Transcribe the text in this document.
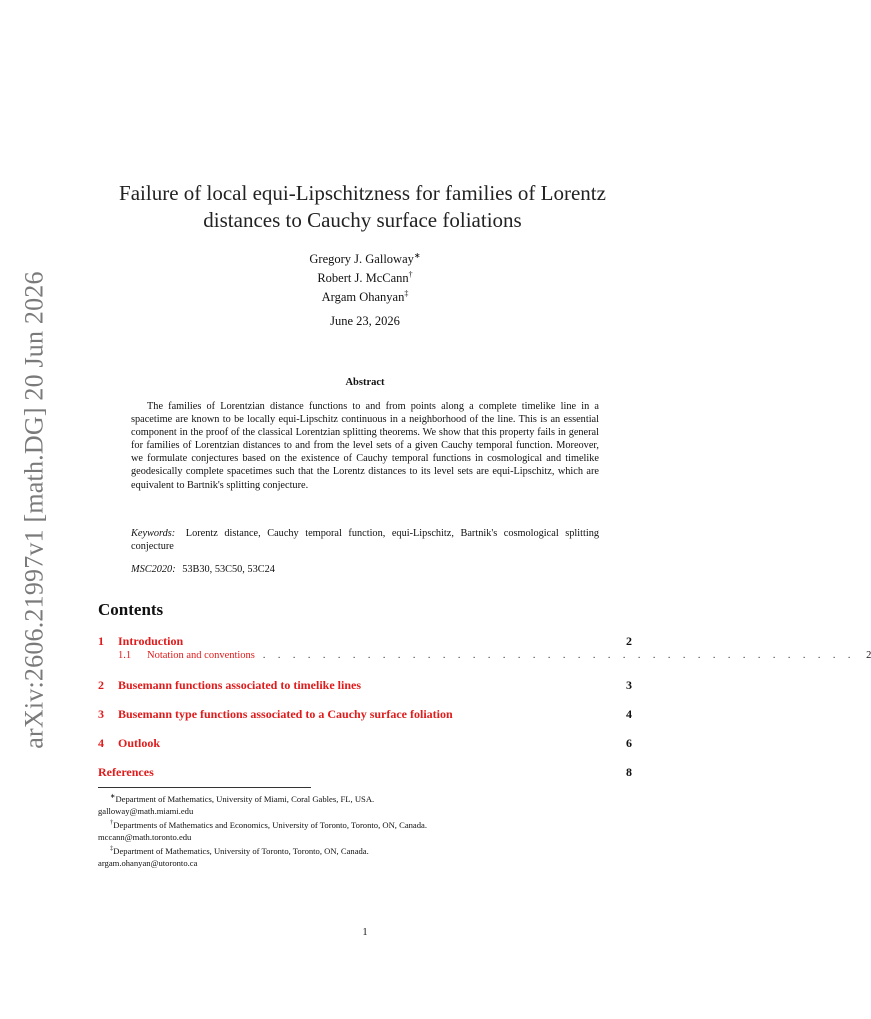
arXiv:2606.21997v1 [math.DG] 20 Jun 2026
Failure of local equi-Lipschitzness for families of Lorentz
distances to Cauchy surface foliations
Gregory J. Galloway∗
Robert J. McCann†
Argam Ohanyan‡
June 23, 2026
Abstract
The families of Lorentzian distance functions to and from points along a complete timelike line in a spacetime are known to be locally equi-Lipschitz continuous in a neighborhood of the line. This is an essential component in the proof of the classical Lorentzian splitting theorems. We show that this property fails in general for families of Lorentzian distances to and from the level sets of a given Cauchy temporal function. Moreover, we formulate conjectures based on the existence of Cauchy temporal functions in cosmological and timelike geodesically complete spacetimes such that the Lorentz distances to its level sets are equi-Lipschitz, which are equivalent to Bartnik's splitting conjecture.
Keywords: Lorentz distance, Cauchy temporal function, equi-Lipschitz, Bartnik's cosmological splitting conjecture
MSC2020: 53B30, 53C50, 53C24
Contents
1	Introduction	2
1.1	Notation and conventions . . . . . . . . . . . . . . . . . . . . . . . . . . . . . . . . . . . . . . . .	2
2	Busemann functions associated to timelike lines	3
3	Busemann type functions associated to a Cauchy surface foliation	4
4	Outlook	6
References	8
∗Department of Mathematics, University of Miami, Coral Gables, FL, USA.
galloway@math.miami.edu
†Departments of Mathematics and Economics, University of Toronto, Toronto, ON, Canada.
mccann@math.toronto.edu
‡Department of Mathematics, University of Toronto, Toronto, ON, Canada.
argam.ohanyan@utoronto.ca
1
